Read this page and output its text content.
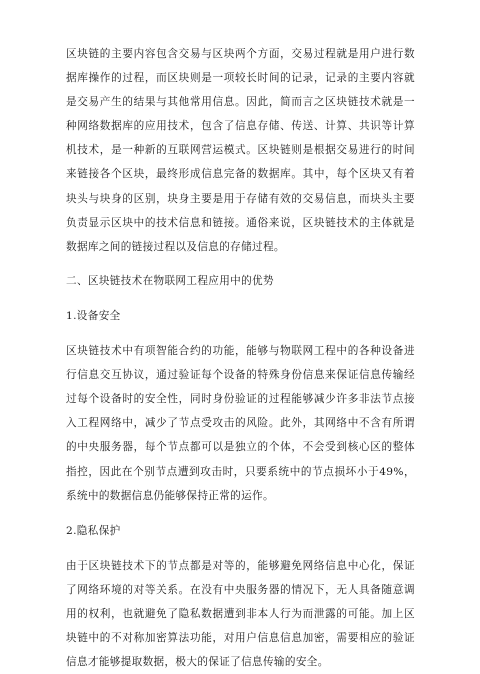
区块链的主要内容包含交易与区块两个方面，交易过程就是用户进行数据库操作的过程，而区块则是一项较长时间的记录，记录的主要内容就是交易产生的结果与其他常用信息。因此，简而言之区块链技术就是一种网络数据库的应用技术，包含了信息存储、传送、计算、共识等计算机技术，是一种新的互联网营运模式。区块链则是根据交易进行的时间来链接各个区块，最终形成信息完备的数据库。其中，每个区块又有着块头与块身的区别，块身主要是用于存储有效的交易信息，而块头主要负责显示区块中的技术信息和链接。通俗来说，区块链技术的主体就是数据库之间的链接过程以及信息的存储过程。

二、区块链技术在物联网工程应用中的优势

1.设备安全

区块链技术中有项智能合约的功能，能够与物联网工程中的各种设备进行信息交互协议，通过验证每个设备的特殊身份信息来保证信息传输经过每个设备时的安全性，同时身份验证的过程能够减少许多非法节点接入工程网络中，减少了节点受攻击的风险。此外，其网络中不含有所谓的中央服务器，每个节点都可以是独立的个体，不会受到核心区的整体指控，因此在个别节点遭到攻击时，只要系统中的节点损坏小于49%，系统中的数据信息仍能够保持正常的运作。

2.隐私保护

由于区块链技术下的节点都是对等的，能够避免网络信息中心化，保证了网络环境的对等关系。在没有中央服务器的情况下，无人具备随意调用的权利，也就避免了隐私数据遭到非本人行为而泄露的可能。加上区块链中的不对称加密算法功能，对用户信息信息加密，需要相应的验证信息才能够提取数据，极大的保证了信息传输的安全。
